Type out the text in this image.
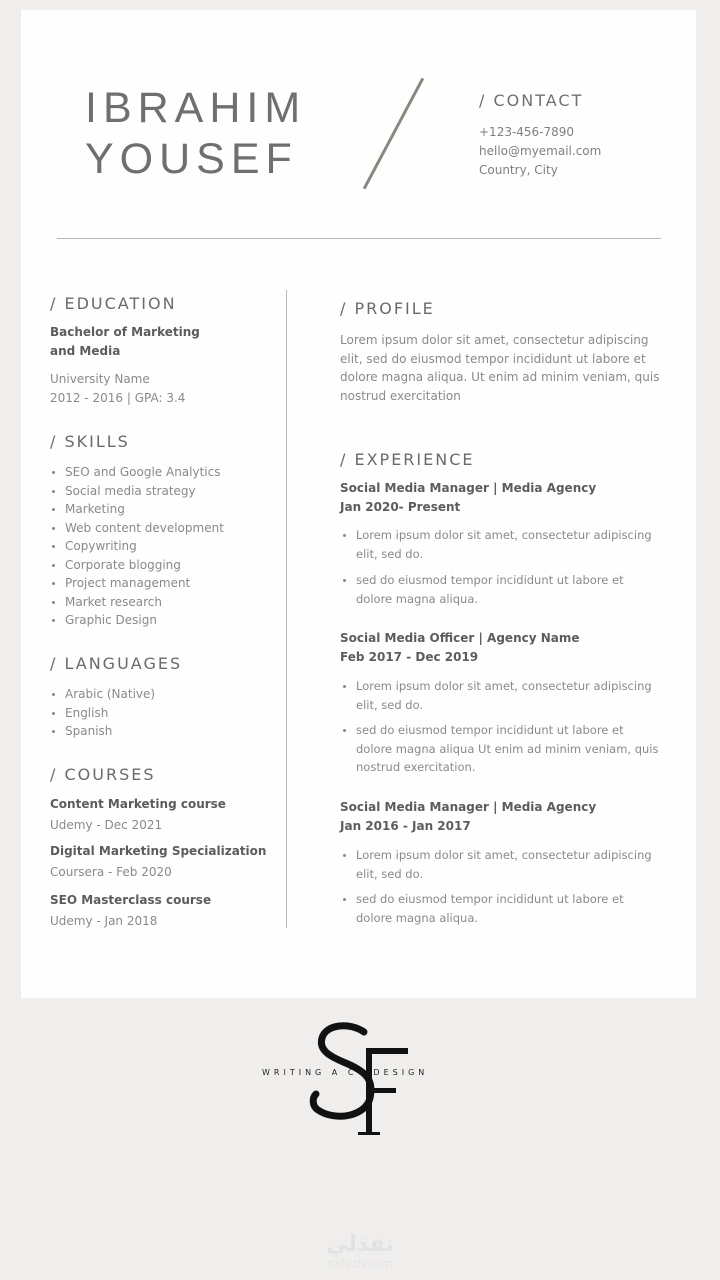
IBRAHIM
YOUSEF
/ CONTACT
+123-456-7890
hello@myemail.com
Country, City
/ EDUCATION
Bachelor of Marketing
and Media
University Name
2012 - 2016 | GPA: 3.4
/ SKILLS
SEO and Google Analytics
Social media strategy
Marketing
Web content development
Copywriting
Corporate blogging
Project management
Market research
Graphic Design
/ LANGUAGES
Arabic (Native)
English
Spanish
/ COURSES
Content Marketing course
Udemy - Dec 2021
Digital Marketing Specialization
Coursera - Feb 2020
SEO Masterclass course
Udemy - Jan 2018
/ PROFILE
Lorem ipsum dolor sit amet, consectetur adipiscing elit, sed do eiusmod tempor incididunt ut labore et dolore magna aliqua. Ut enim ad minim veniam, quis nostrud exercitation
/ EXPERIENCE
Social Media Manager | Media Agency
Jan 2020- Present
Lorem ipsum dolor sit amet, consectetur adipiscing elit, sed do.
sed do eiusmod tempor incididunt ut labore et dolore magna aliqua.
Social Media Officer | Agency Name
Feb 2017 - Dec 2019
Lorem ipsum dolor sit amet, consectetur adipiscing elit, sed do.
sed do eiusmod tempor incididunt ut labore et dolore magna aliqua Ut enim ad minim veniam, quis nostrud exercitation.
Social Media Manager | Media Agency
Jan 2016 - Jan 2017
Lorem ipsum dolor sit amet, consectetur adipiscing elit, sed do.
sed do eiusmod tempor incididunt ut labore et dolore magna aliqua.
WRITING A CV DESIGN
نفذلي
nafezly.com
